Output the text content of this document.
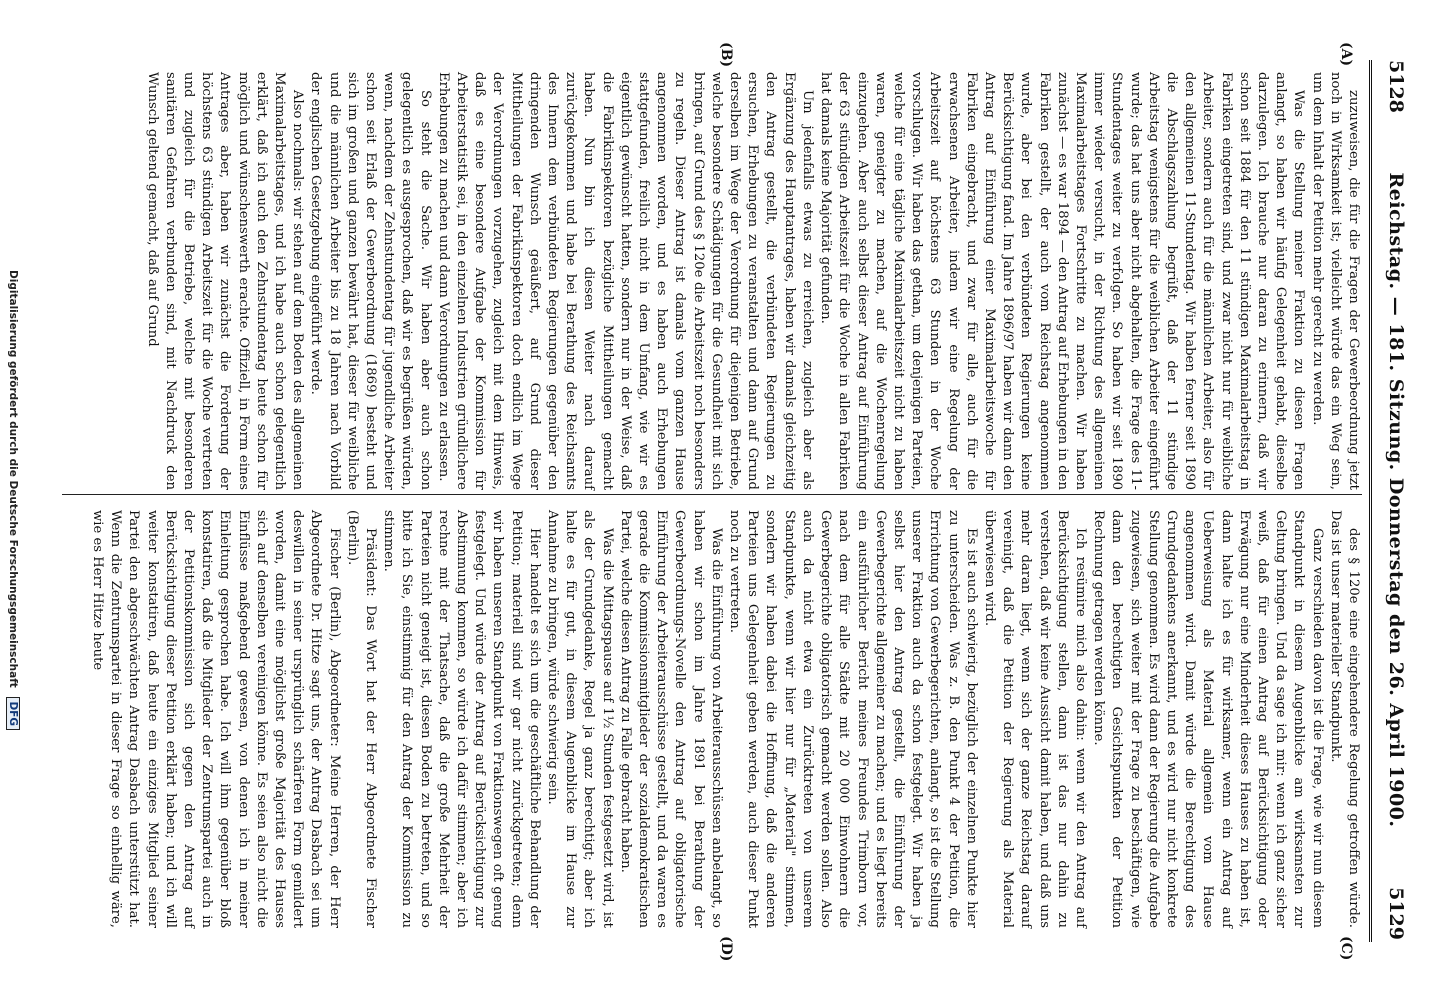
5128
Reichstag. — 181. Sitzung. Donnerstag den 26. April 1900.
5129
(A)
(B)
(C)
(D)

zuzuweisen, die für die Fragen der Gewerbeordnung jetzt noch in Wirksamkeit ist; vielleicht würde das ein Weg sein, um dem Inhalt der Petition mehr gerecht zu werden.

Was die Stellung meiner Fraktion zu diesen Fragen anlangt, so haben wir häufig Gelegenheit gehabt, dieselbe darzulegen. Ich brauche nur daran zu erinnern, daß wir schon seit 1884 für den 11 stündigen Maximalarbeitstag in Fabriken eingetreten sind, und zwar nicht nur für weibliche Arbeiter, sondern auch für die männlichen Arbeiter, also für den allgemeinen 11-Stundentag. Wir haben ferner seit 1890 die Abschlagszahlung begrüßt, daß der 11 stündige Arbeitstag wenigstens für die weiblichen Arbeiter eingeführt wurde; das hat uns aber nicht abgehalten, die Frage des 11-Stundentages weiter zu verfolgen. So haben wir seit 1890 immer wieder versucht, in der Richtung des allgemeinen Maximalarbeitstages Fortschritte zu machen. Wir haben zunächst — es war 1894 — den Antrag auf Erhebungen in den Fabriken gestellt, der auch vom Reichstag angenommen wurde, aber bei den verbündeten Regierungen keine Berücksichtigung fand. Im Jahre 1896/97 haben wir dann den Antrag auf Einführung einer Maximalarbeitswoche für Fabriken eingebracht, und zwar für alle, auch für die erwachsenen Arbeiter, indem wir eine Regelung der Arbeitszeit auf höchstens 63 Stunden in der Woche vorschlugen. Wir haben das gethan, um denjenigen Parteien, welche für eine tägliche Maximalarbeitszeit nicht zu haben waren, geneigter zu machen, auf die Wochenregelung einzugehen. Aber auch selbst dieser Antrag auf Einführung der 63 stündigen Arbeitszeit für die Woche in allen Fabriken hat damals keine Majorität gefunden.

Um jedenfalls etwas zu erreichen, zugleich aber als Ergänzung des Hauptantrages, haben wir damals gleichzeitig den Antrag gestellt, die verbündeten Regierungen zu ersuchen, Erhebungen zu veranstalten und dann auf Grund derselben im Wege der Verordnung für diejenigen Betriebe, welche besondere Schädigungen für die Gesundheit mit sich bringen, auf Grund des § 120e die Arbeitszeit noch besonders zu regeln. Dieser Antrag ist damals vom ganzen Hause angenommen worden, und es haben auch Erhebungen stattgefunden, freilich nicht in dem Umfang, wie wir es eigentlich gewünscht hatten, sondern nur in der Weise, daß die Fabrikinspektoren bezügliche Mittheilungen gemacht haben. Nun bin ich diesen Weiter nach darauf zurückgekommen und habe bei Berathung des Reichsamts des Innern dem verbündeten Regierungen gegenüber den dringenden Wunsch geäußert, auf Grund dieser Mittheilungen der Fabrikinspektoren doch endlich im Wege der Verordnungen vorzugehen, zugleich mit dem Hinweis, daß es eine besondere Aufgabe der Kommission für Arbeiterstatistik sei, in den einzelnen Industrien gründlichere Erhebungen zu machen und dann Verordnungen zu erlassen.

So steht die Sache. Wir haben aber auch schon gelegentlich es ausgesprochen, daß wir es begrüßen würden, wenn, nachdem der Zehnstundentag für jugendliche Arbeiter schon seit Erlaß der Gewerbeordnung (1869) besteht und sich im großen und ganzen bewährt hat, dieser für weibliche und die männlichen Arbeiter bis zu 18 Jahren nach Vorbild der englischen Gesetzgebung eingeführt werde.

Also nochmals: wir stehen auf dem Boden des allgemeinen Maximalarbeitstages, und ich habe auch schon gelegentlich erklärt, daß ich auch den Zehnstundentag heute schon für möglich und wünschenswerth erachte. Offiziell, in Form eines Antrages aber, haben wir zunächst die Forderung der höchstens 63 stündigen Arbeitszeit für die Woche vertreten und zugleich für die Betriebe, welche mit besonderen sanitären Gefahren verbunden sind, mit Nachdruck den Wunsch geltend gemacht, daß auf Grund

des § 120e eine eingehendere Regelung getroffen würde. Das ist unser materieller Standpunkt.

Ganz verschieden davon ist die Frage, wie wir nun diesem Standpunkt in diesem Augenblicke am wirksamsten zur Geltung bringen. Und da sage ich mir: wenn ich ganz sicher weiß, daß für einen Antrag auf Berücksichtigung oder Erwägung nur eine Minderheit dieses Hauses zu haben ist, dann halte ich es für wirksamer, wenn ein Antrag auf Ueberweisung als Material allgemein vom Hause angenommen wird. Damit würde die Berechtigung des Grundgedankens anerkannt, und es wird nur nicht konkrete Stellung genommen. Es wird dann der Regierung die Aufgabe zugewiesen, sich weiter mit der Frage zu beschäftigen, wie dann den berechtigten Gesichtspunkten der Petition Rechnung getragen werden könne.

Ich resümire mich also dahin: wenn wir den Antrag auf Berücksichtigung stellen, dann ist das nur dahin zu verstehen, daß wir keine Aussicht damit haben, und daß uns mehr daran liegt, wenn sich der ganze Reichstag darauf vereinigt, daß die Petition der Regierung als Material überwiesen wird.

Es ist auch schwierig, bezüglich der einzelnen Punkte hier zu unterscheiden. Was z. B. den Punkt 4 der Petition, die Errichtung von Gewerbegerichten, anlangt, so ist die Stellung unserer Fraktion auch da schon festgelegt. Wir haben ja selbst hier den Antrag gestellt, die Einführung der Gewerbegerichte allgemeiner zu machen; und es liegt bereits ein ausführlicher Bericht meines Freundes Trimborn vor, nach dem für alle Städte mit 20 000 Einwohnern die Gewerbegerichte obligatorisch gemacht werden sollen. Also auch da nicht etwa ein Zurücktreten von unserem Standpunkte, wenn wir hier nur für „Material" stimmen, sondern wir haben dabei die Hoffnung, daß die anderen Parteien uns Gelegenheit geben werden, auch dieser Punkt noch zu vertreten.

Was die Einführung von Arbeiterausschüssen anbelangt, so haben wir schon im Jahre 1891 bei Berathung der Gewerbeordnungs-Novelle den Antrag auf obligatorische Einführung der Arbeiterausschüsse gestellt, und da waren es gerade die Kommissionsmitglieder der sozialdemokratischen Partei, welche diesen Antrag zu Falle gebracht haben.

Was die Mittagspause auf 1½ Stunden festgesetzt wird, ist als der Grundgedanke, Regel ja ganz berechtigt; aber ich halte es für gut, in diesem Augenblicke im Hause zur Annahme zu bringen, würde schwierig sein.

Hier handelt es sich um die geschäftliche Behandlung der Petition; materiell sind wir gar nicht zurückgetreten; denn wir haben unseren Standpunkt von Fraktionswegen oft genug festgelegt. Und würde der Antrag auf Berücksichtigung zur Abstimmung kommen, so würde ich dafür stimmen; aber ich rechne mit der Thatsache, daß die große Mehrheit der Parteien nicht geneigt ist, diesen Boden zu betreten, und so bitte ich Sie, einstimmig für den Antrag der Kommission zu stimmen.

Präsident: Das Wort hat der Herr Abgeordnete Fischer (Berlin).

Fischer (Berlin), Abgeordneter: Meine Herren, der Herr Abgeordnete Dr. Hitze sagt uns, der Antrag Dasbach sei um deswillen in seiner ursprünglich schärferen Form gemildert worden, damit eine möglichst große Majorität des Hauses sich auf denselben vereinigen könne. Es seien also nicht die Einflüsse maßgebend gewesen, von denen ich in meiner Einleitung gesprochen habe. Ich will ihm gegenüber bloß konstatiren, daß die Mitglieder der Zentrumspartei auch in der Petitionskommission sich gegen den Antrag auf Berücksichtigung dieser Petition erklärt haben; und ich will weiter konstatiren, daß heute ein einziges Mitglied seiner Partei den abgeschwächten Antrag Dasbach unterstützt hat. Wenn die Zentrumspartei in dieser Frage so einhellig wäre, wie es Herr Hitze heute

Digitalisierung gefördert durch die Deutsche Forschungsgemeinschaft DFG
